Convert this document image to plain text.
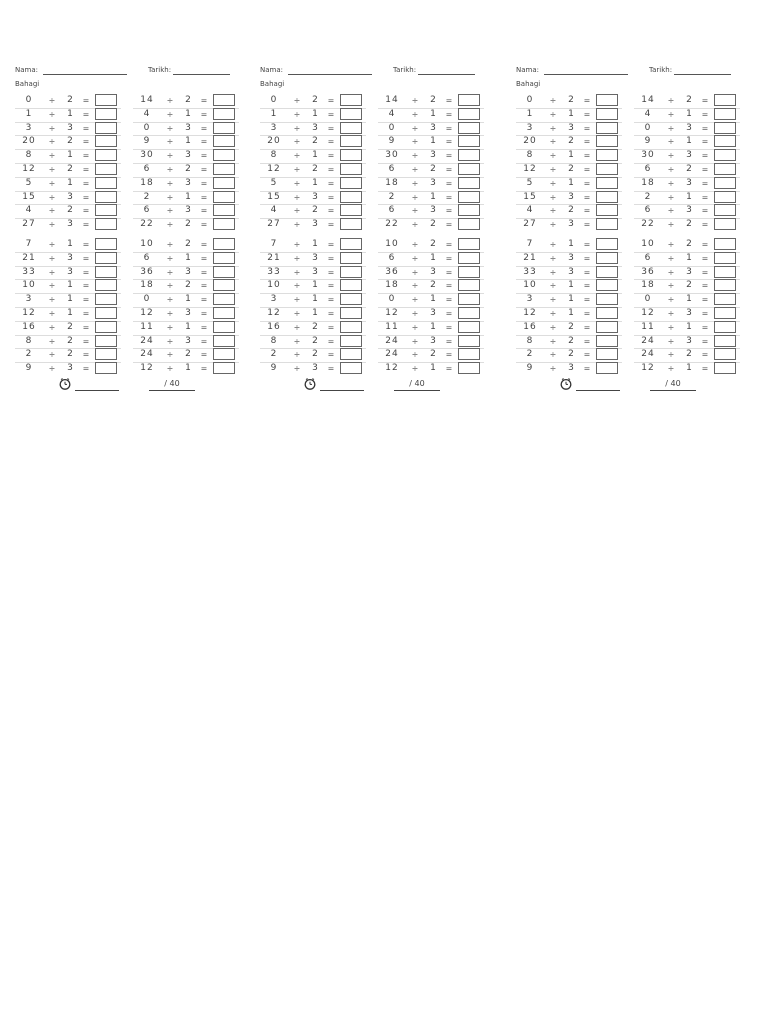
Nama:	Tarikh:
Bahagi
0	÷	2	=
1	÷	1	=
3	÷	3	=
20	÷	2	=
8	÷	1	=
12	÷	2	=
5	÷	1	=
15	÷	3	=
4	÷	2	=
27	÷	3	=
7	÷	1	=
21	÷	3	=
33	÷	3	=
10	÷	1	=
3	÷	1	=
12	÷	1	=
16	÷	2	=
8	÷	2	=
2	÷	2	=
9	÷	3	=
14	÷	2	=
4	÷	1	=
0	÷	3	=
9	÷	1	=
30	÷	3	=
6	÷	2	=
18	÷	3	=
2	÷	1	=
6	÷	3	=
22	÷	2	=
10	÷	2	=
6	÷	1	=
36	÷	3	=
18	÷	2	=
0	÷	1	=
12	÷	3	=
11	÷	1	=
24	÷	3	=
24	÷	2	=
12	÷	1	=
/ 40
Nama:	Tarikh:
Bahagi
0	÷	2	=
1	÷	1	=
3	÷	3	=
20	÷	2	=
8	÷	1	=
12	÷	2	=
5	÷	1	=
15	÷	3	=
4	÷	2	=
27	÷	3	=
7	÷	1	=
21	÷	3	=
33	÷	3	=
10	÷	1	=
3	÷	1	=
12	÷	1	=
16	÷	2	=
8	÷	2	=
2	÷	2	=
9	÷	3	=
14	÷	2	=
4	÷	1	=
0	÷	3	=
9	÷	1	=
30	÷	3	=
6	÷	2	=
18	÷	3	=
2	÷	1	=
6	÷	3	=
22	÷	2	=
10	÷	2	=
6	÷	1	=
36	÷	3	=
18	÷	2	=
0	÷	1	=
12	÷	3	=
11	÷	1	=
24	÷	3	=
24	÷	2	=
12	÷	1	=
/ 40
Nama:	Tarikh:
Bahagi
0	÷	2	=
1	÷	1	=
3	÷	3	=
20	÷	2	=
8	÷	1	=
12	÷	2	=
5	÷	1	=
15	÷	3	=
4	÷	2	=
27	÷	3	=
7	÷	1	=
21	÷	3	=
33	÷	3	=
10	÷	1	=
3	÷	1	=
12	÷	1	=
16	÷	2	=
8	÷	2	=
2	÷	2	=
9	÷	3	=
14	÷	2	=
4	÷	1	=
0	÷	3	=
9	÷	1	=
30	÷	3	=
6	÷	2	=
18	÷	3	=
2	÷	1	=
6	÷	3	=
22	÷	2	=
10	÷	2	=
6	÷	1	=
36	÷	3	=
18	÷	2	=
0	÷	1	=
12	÷	3	=
11	÷	1	=
24	÷	3	=
24	÷	2	=
12	÷	1	=
/ 40
